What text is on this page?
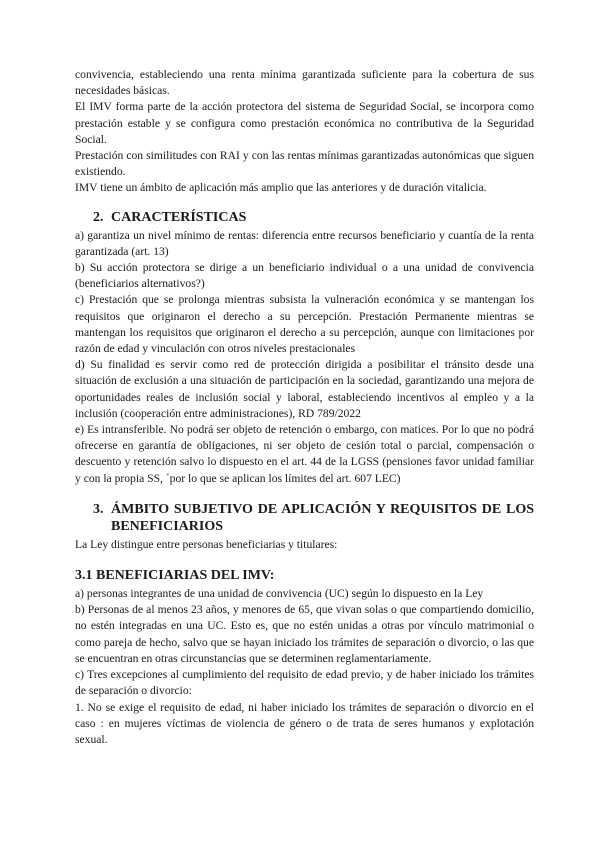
convivencia, estableciendo una renta mínima garantizada suficiente para la cobertura de sus necesidades básicas.

El IMV forma parte de la acción protectora del sistema de Seguridad Social, se incorpora como prestación estable y se configura como prestación económica no contributiva de la Seguridad Social.

Prestación con similitudes con RAI y con las rentas mínimas garantizadas autonómicas que siguen existiendo.

IMV tiene un ámbito de aplicación más amplio que las anteriores y de duración vitalicia.

2. CARACTERÍSTICAS

a) garantiza un nivel mínimo de rentas: diferencia entre recursos beneficiario y cuantía de la renta garantizada (art. 13)

b) Su acción protectora se dirige a un beneficiario individual o a una unidad de convivencia (beneficiarios alternativos?)

c) Prestación que se prolonga mientras subsista la vulneración económica y se mantengan los requisitos que originaron el derecho a su percepción. Prestación Permanente mientras se mantengan los requisitos que originaron el derecho a su percepción, aunque con limitaciones por razón de edad y vinculación con otros niveles prestacionales

d) Su finalidad es servir como red de protección dirigida a posibilitar el tránsito desde una situación de exclusión a una situación de participación en la sociedad, garantizando una mejora de oportunidades reales de inclusión social y laboral, estableciendo incentivos al empleo y a la inclusión (cooperación entre administraciones), RD 789/2022

e) Es intransferible. No podrá ser objeto de retención o embargo, con matices. Por lo que no podrá ofrecerse en garantía de obligaciones, ni ser objeto de cesión total o parcial, compensación o descuento y retención salvo lo dispuesto en el art. 44 de la LGSS (pensiones favor unidad familiar y con la propia SS, ´por lo que se aplican los límites del art. 607 LEC)

3. ÁMBITO SUBJETIVO DE APLICACIÓN Y REQUISITOS DE LOS BENEFICIARIOS

La Ley distingue entre personas beneficiarias y titulares:

3.1 BENEFICIARIAS DEL IMV:

a) personas integrantes de una unidad de convivencia (UC) según lo dispuesto en la Ley

b) Personas de al menos 23 años, y menores de 65, que vivan solas o que compartiendo domicilio, no estén integradas en una UC. Esto es, que no estén unidas a otras por vínculo matrimonial o como pareja de hecho, salvo que se hayan iniciado los trámites de separación o divorcio, o las que se encuentran en otras circunstancias que se determinen reglamentariamente.

c) Tres excepciones al cumplimiento del requisito de edad previo, y de haber iniciado los trámites de separación o divorcio:

1. No se exige el requisito de edad, ni haber iniciado los trámites de separación o divorcio en el caso : en mujeres víctimas de violencia de género o de trata de seres humanos y explotación sexual.
